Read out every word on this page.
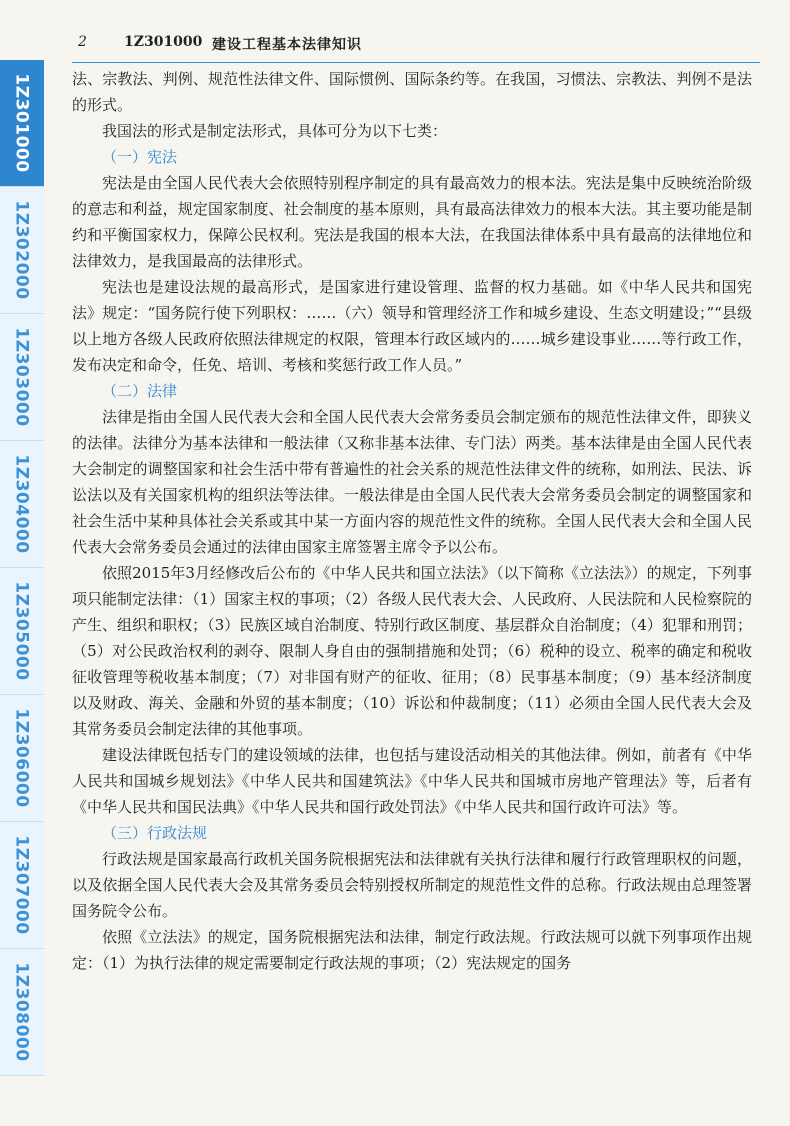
2	1Z301000 建设工程基本法律知识
1Z301000
1Z302000
1Z303000
1Z304000
1Z305000
1Z306000
1Z307000
1Z308000

法、宗教法、判例、规范性法律文件、国际惯例、国际条约等。在我国，习惯法、宗教法、判例不是法的形式。

我国法的形式是制定法形式，具体可分为以下七类：

（一）宪法

宪法是由全国人民代表大会依照特别程序制定的具有最高效力的根本法。宪法是集中反映统治阶级的意志和利益，规定国家制度、社会制度的基本原则，具有最高法律效力的根本大法。其主要功能是制约和平衡国家权力，保障公民权利。宪法是我国的根本大法，在我国法律体系中具有最高的法律地位和法律效力，是我国最高的法律形式。

宪法也是建设法规的最高形式，是国家进行建设管理、监督的权力基础。如《中华人民共和国宪法》规定：“国务院行使下列职权：……（六）领导和管理经济工作和城乡建设、生态文明建设；”“县级以上地方各级人民政府依照法律规定的权限，管理本行政区域内的……城乡建设事业……等行政工作，发布决定和命令，任免、培训、考核和奖惩行政工作人员。”

（二）法律

法律是指由全国人民代表大会和全国人民代表大会常务委员会制定颁布的规范性法律文件，即狭义的法律。法律分为基本法律和一般法律（又称非基本法律、专门法）两类。基本法律是由全国人民代表大会制定的调整国家和社会生活中带有普遍性的社会关系的规范性法律文件的统称，如刑法、民法、诉讼法以及有关国家机构的组织法等法律。一般法律是由全国人民代表大会常务委员会制定的调整国家和社会生活中某种具体社会关系或其中某一方面内容的规范性文件的统称。全国人民代表大会和全国人民代表大会常务委员会通过的法律由国家主席签署主席令予以公布。

依照2015年3月经修改后公布的《中华人民共和国立法法》（以下简称《立法法》）的规定，下列事项只能制定法律：（1）国家主权的事项；（2）各级人民代表大会、人民政府、人民法院和人民检察院的产生、组织和职权；（3）民族区域自治制度、特别行政区制度、基层群众自治制度；（4）犯罪和刑罚；（5）对公民政治权利的剥夺、限制人身自由的强制措施和处罚；（6）税种的设立、税率的确定和税收征收管理等税收基本制度；（7）对非国有财产的征收、征用；（8）民事基本制度；（9）基本经济制度以及财政、海关、金融和外贸的基本制度；（10）诉讼和仲裁制度；（11）必须由全国人民代表大会及其常务委员会制定法律的其他事项。

建设法律既包括专门的建设领域的法律，也包括与建设活动相关的其他法律。例如，前者有《中华人民共和国城乡规划法》《中华人民共和国建筑法》《中华人民共和国城市房地产管理法》等，后者有《中华人民共和国民法典》《中华人民共和国行政处罚法》《中华人民共和国行政许可法》等。

（三）行政法规

行政法规是国家最高行政机关国务院根据宪法和法律就有关执行法律和履行行政管理职权的问题，以及依据全国人民代表大会及其常务委员会特别授权所制定的规范性文件的总称。行政法规由总理签署国务院令公布。

依照《立法法》的规定，国务院根据宪法和法律，制定行政法规。行政法规可以就下列事项作出规定：（1）为执行法律的规定需要制定行政法规的事项；（2）宪法规定的国务
